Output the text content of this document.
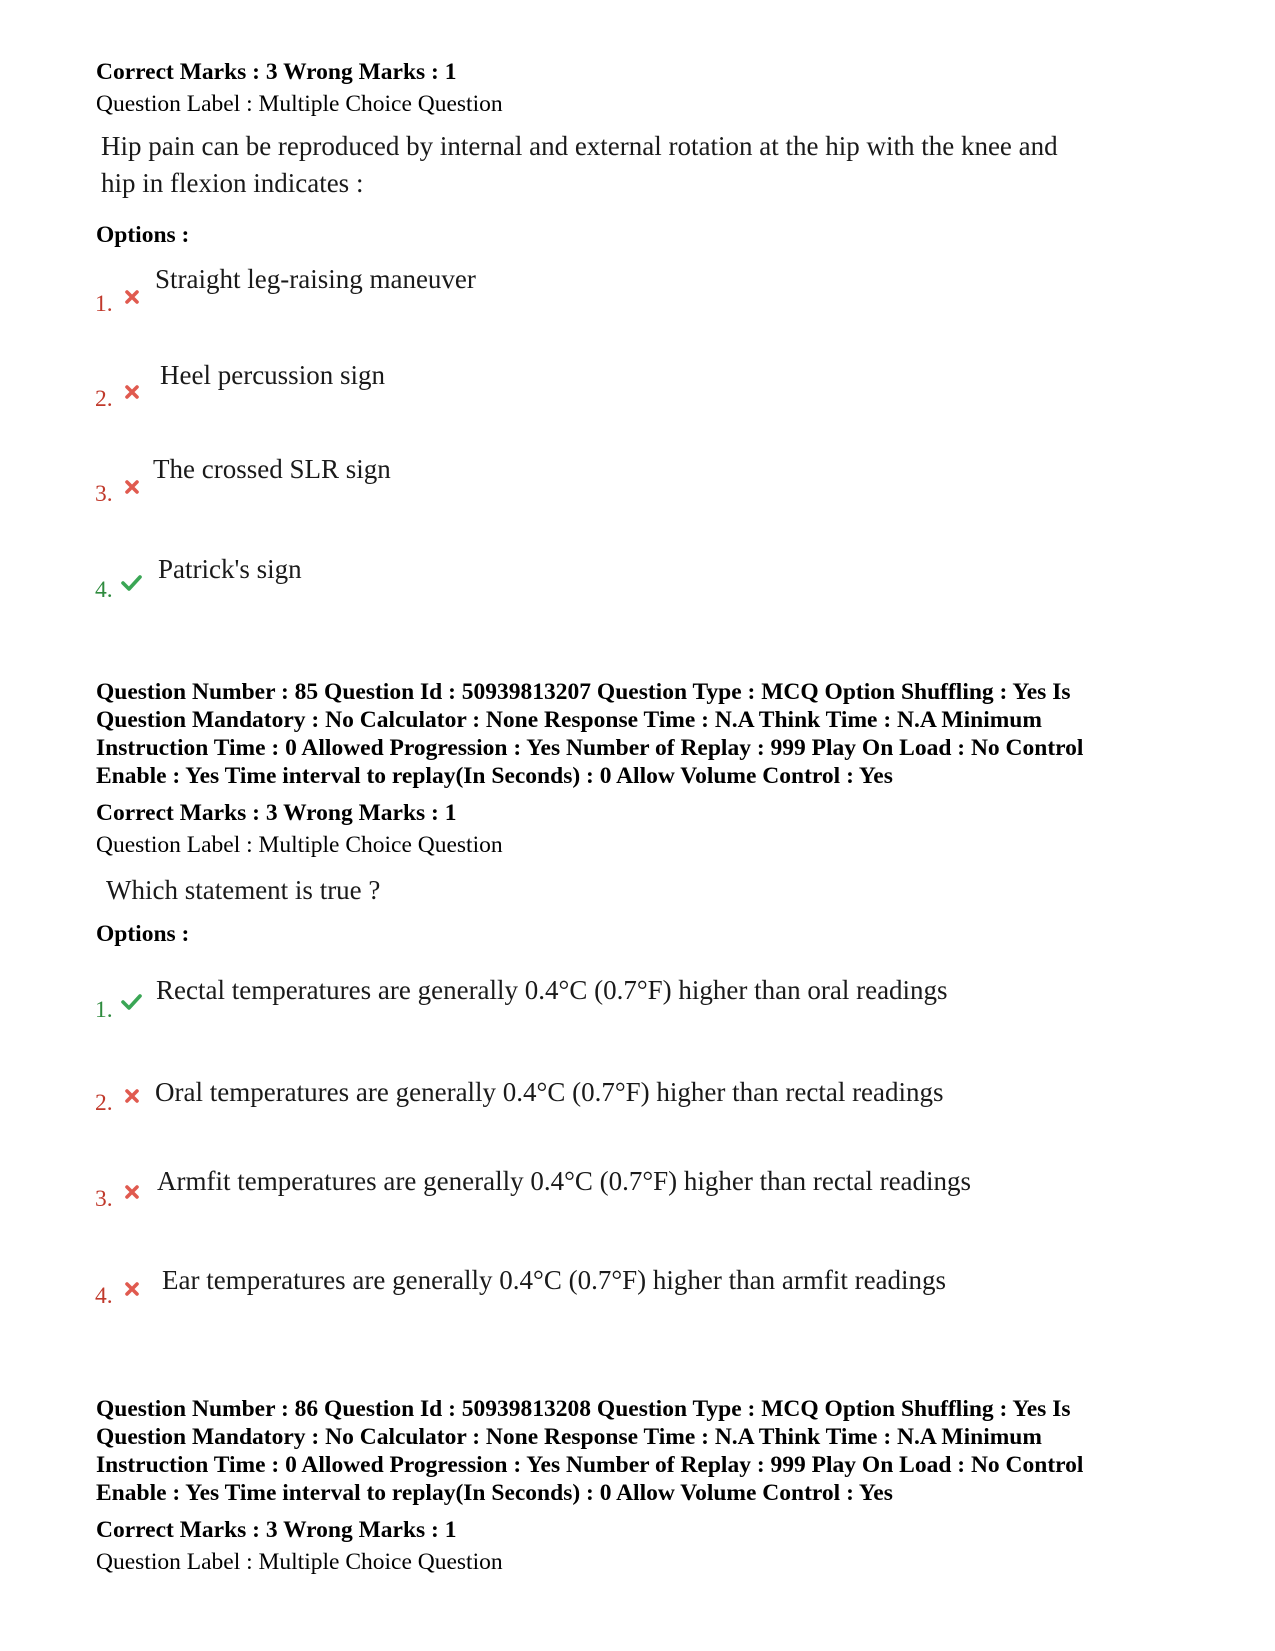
Correct Marks : 3 Wrong Marks : 1
Question Label : Multiple Choice Question
Hip pain can be reproduced by internal and external rotation at the hip with the knee and
hip in flexion indicates :
Options :
1.
Straight leg-raising maneuver
2.
Heel percussion sign
3.
The crossed SLR sign
4.
Patrick's sign
Question Number : 85 Question Id : 50939813207 Question Type : MCQ Option Shuffling : Yes Is
Question Mandatory : No Calculator : None Response Time : N.A Think Time : N.A Minimum
Instruction Time : 0 Allowed Progression : Yes Number of Replay : 999 Play On Load : No Control
Enable : Yes Time interval to replay(In Seconds) : 0 Allow Volume Control : Yes
Correct Marks : 3 Wrong Marks : 1
Question Label : Multiple Choice Question
Which statement is true ?
Options :
1.
Rectal temperatures are generally 0.4°C (0.7°F) higher than oral readings
2. Oral temperatures are generally 0.4°C (0.7°F) higher than rectal readings
3.
Armfit temperatures are generally 0.4°C (0.7°F) higher than rectal readings
4.
Ear temperatures are generally 0.4°C (0.7°F) higher than armfit readings
Question Number : 86 Question Id : 50939813208 Question Type : MCQ Option Shuffling : Yes Is
Question Mandatory : No Calculator : None Response Time : N.A Think Time : N.A Minimum
Instruction Time : 0 Allowed Progression : Yes Number of Replay : 999 Play On Load : No Control
Enable : Yes Time interval to replay(In Seconds) : 0 Allow Volume Control : Yes
Correct Marks : 3 Wrong Marks : 1
Question Label : Multiple Choice Question
